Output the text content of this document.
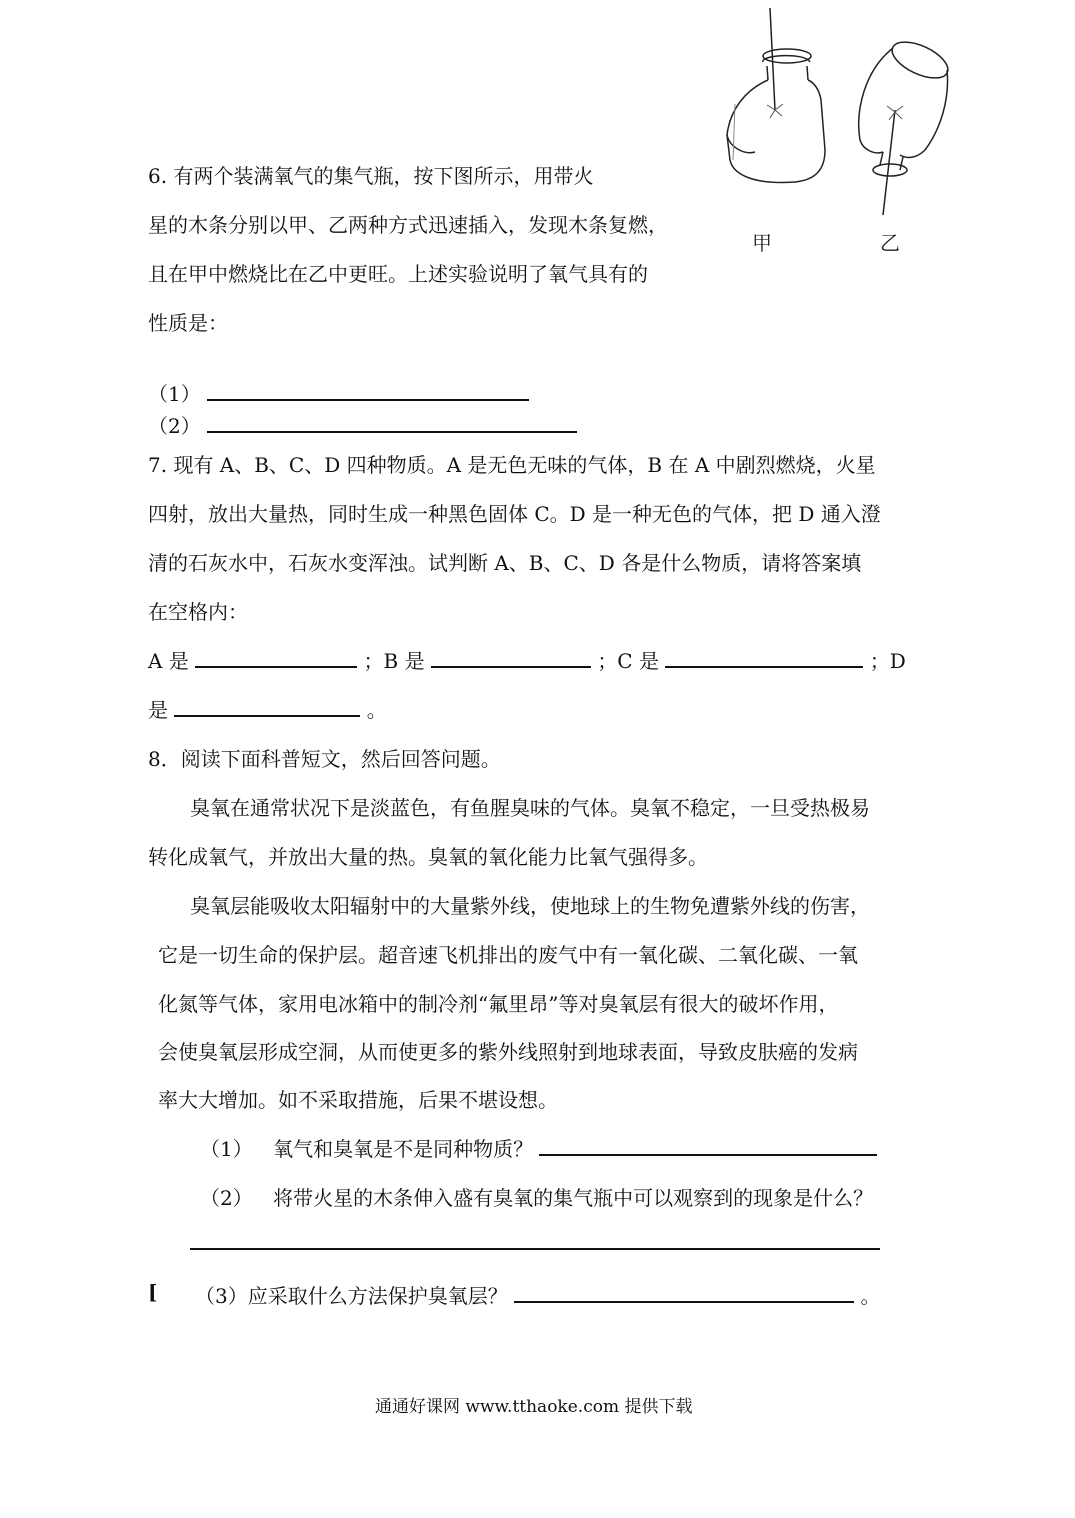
甲	乙
6. 有两个装满氧气的集气瓶，按下图所示，用带火
星的木条分别以甲、乙两种方式迅速插入，发现木条复燃，
且在甲中燃烧比在乙中更旺。上述实验说明了氧气具有的
性质是：
（1）
（2）
7. 现有 A、B、C、D 四种物质。A 是无色无味的气体，B 在 A 中剧烈燃烧，火星
四射，放出大量热，同时生成一种黑色固体 C。D 是一种无色的气体，把 D 通入澄
清的石灰水中，石灰水变浑浊。试判断 A、B、C、D 各是什么物质，请将答案填
在空格内：
A 是	；B 是	；C 是	；D
是	。
8．阅读下面科普短文，然后回答问题。
臭氧在通常状况下是淡蓝色，有鱼腥臭味的气体。臭氧不稳定，一旦受热极易
转化成氧气，并放出大量的热。臭氧的氧化能力比氧气强得多。
臭氧层能吸收太阳辐射中的大量紫外线，使地球上的生物免遭紫外线的伤害，
它是一切生命的保护层。超音速飞机排出的废气中有一氧化碳、二氧化碳、一氧
化氮等气体，家用电冰箱中的制冷剂“氟里昂”等对臭氧层有很大的破坏作用，
会使臭氧层形成空洞，从而使更多的紫外线照射到地球表面，导致皮肤癌的发病
率大大增加。如不采取措施，后果不堪设想。
（1） 氧气和臭氧是不是同种物质？
（2） 将带火星的木条伸入盛有臭氧的集气瓶中可以观察到的现象是什么？
[ （3）应采取什么方法保护臭氧层？	。
通通好课网 www.tthaoke.com 提供下载
